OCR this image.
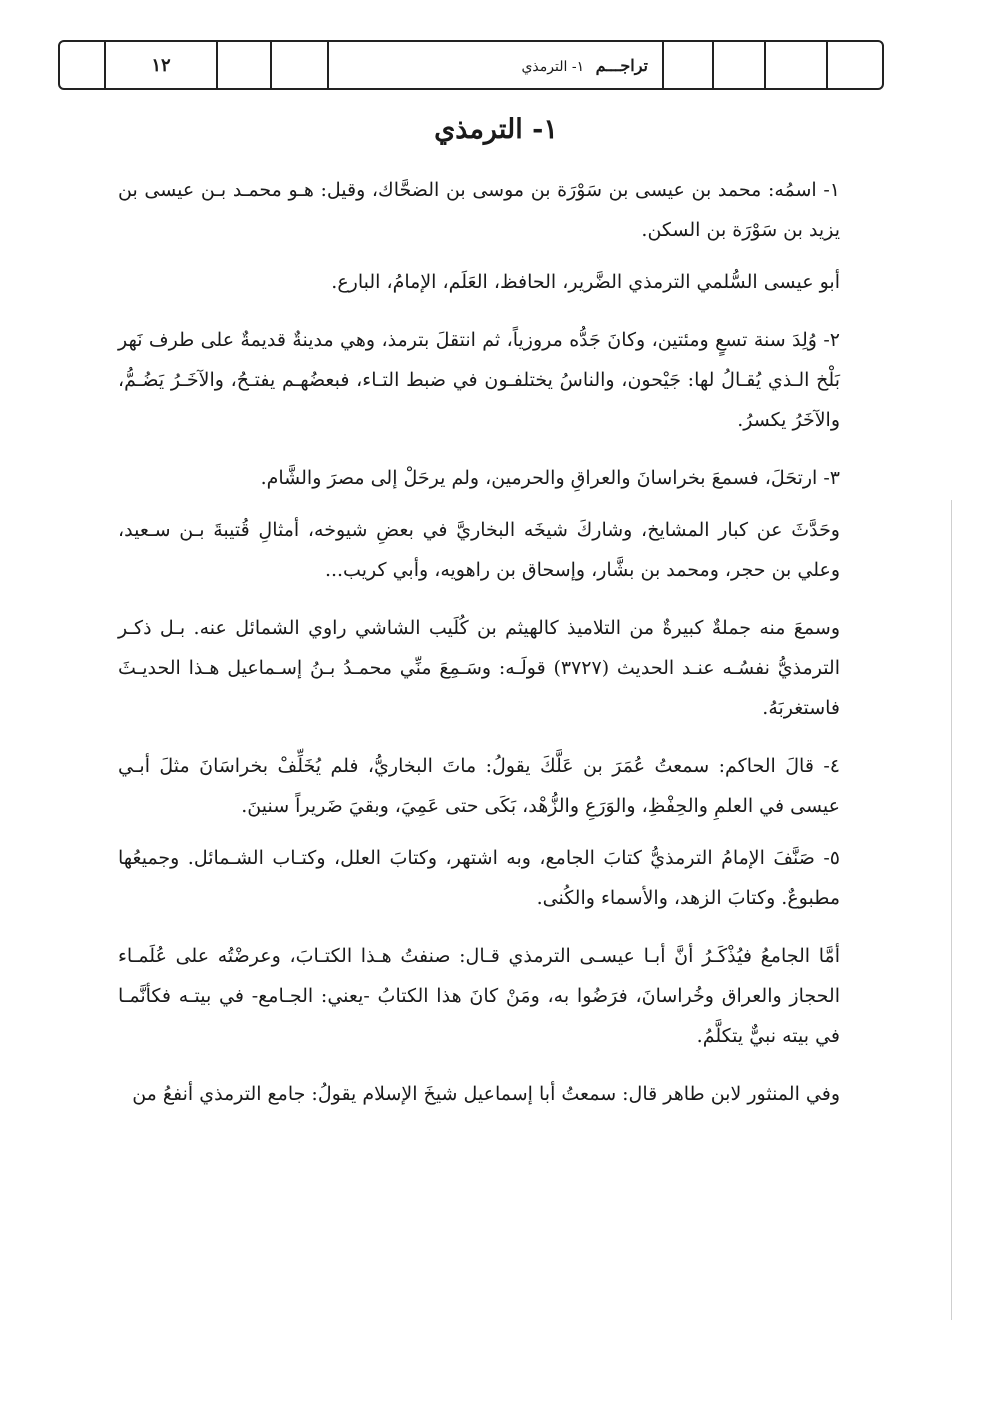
١٢	تراجـــم ١- الترمذي
١- الترمذي

١- اسمُه: محمد بن عيسى بن سَوْرَة بن موسى بن الضحَّاك، وقيل: هـو محمـد بـن عيسى بن يزيد بن سَوْرَة بن السكن.

أبو عيسى السُّلمي الترمذي الضَّرير، الحافظ، العَلَم، الإمامُ، البارع.

٢- وُلِدَ سنة تسعٍ ومئتين، وكانَ جَدُّه مروزياً، ثم انتقلَ بترمذ، وهي مدينةٌ قديمةٌ على طرف نَهر بَلْخ الـذي يُقـالُ لها: جَيْحون، والناسُ يختلفـون في ضبط التـاء، فبعضُهـم يفتـحُ، والآخَـرُ يَضُـمُّ، والآخَرُ يكسرُ.

٣- ارتحَلَ، فسمعَ بخراسانَ والعراقِ والحرمين، ولم يرحَلْ إلى مصرَ والشَّام.

وحَدَّثَ عن كبار المشايخ، وشاركَ شيخَه البخاريَّ في بعضِ شيوخه، أمثالِ قُتيبةَ بـن سـعيد، وعلي بن حجر، ومحمد بن بشَّار، وإسحاق بن راهويه، وأبي كريب...

وسمعَ منه جملةٌ كبيرةٌ من التلاميذ كالهيثم بن كُلَيب الشاشي راوي الشمائل عنه. بـل ذكـر الترمذيُّ نفسُـه عنـد الحديث (٣٧٢٧) قولَـه: وسَـمِعَ منِّي محمـدُ بـنُ إسـماعيل هـذا الحديـثَ فاستغربَهُ.

٤- قالَ الحاكم: سمعتُ عُمَرَ بن عَلَّكَ يقولُ: ماتَ البخاريُّ، فلم يُخَلِّفْ بخراسَانَ مثلَ أبـي عيسى في العلمِ والحِفْظِ، والوَرَعِ والزُّهْد، بَكَى حتى عَمِيَ، وبقيَ ضَريراً سنينَ.

٥- صَنَّفَ الإمامُ الترمذيُّ كتابَ الجامع، وبه اشتهر، وكتابَ العلل، وكتـاب الشـمائل. وجميعُها مطبوعٌ. وكتابَ الزهد، والأسماء والكُنى.

أمَّا الجامعُ فيُذْكَـرُ أنَّ أبـا عيسـى الترمذي قـال: صنفتُ هـذا الكتـابَ، وعرضْتُه على عُلَمـاء الحجاز والعراق وخُراسانَ، فرَضُوا به، ومَنْ كانَ هذا الكتابُ -يعني: الجـامع- في بيتـه فكأنَّمـا في بيته نبيٌّ يتكلَّمُ.

وفي المنثور لابن طاهر قال: سمعتُ أبا إسماعيل شيخَ الإسلام يقولُ: جامع الترمذي أنفعُ من
